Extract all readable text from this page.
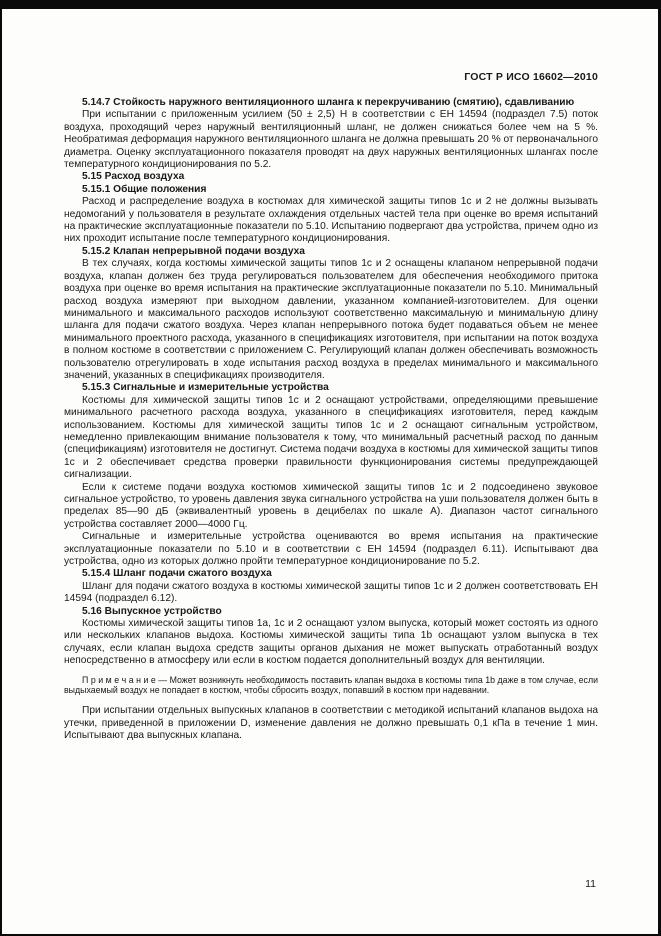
ГОСТ Р ИСО 16602—2010

5.14.7 Стойкость наружного вентиляционного шланга к перекручиванию (смятию), сдавливанию

При испытании с приложенным усилием (50 ± 2,5) Н в соответствии с ЕН 14594 (подраздел 7.5) поток воздуха, проходящий через наружный вентиляционный шланг, не должен снижаться более чем на 5 %. Необратимая деформация наружного вентиляционного шланга не должна превышать 20 % от первоначального диаметра. Оценку эксплуатационного показателя проводят на двух наружных вентиляционных шлангах после температурного кондиционирования по 5.2.

5.15 Расход воздуха

5.15.1 Общие положения

Расход и распределение воздуха в костюмах для химической защиты типов 1с и 2 не должны вызывать недомоганий у пользователя в результате охлаждения отдельных частей тела при оценке во время испытаний на практические эксплуатационные показатели по 5.10. Испытанию подвергают два устройства, причем одно из них проходит испытание после температурного кондиционирования.

5.15.2 Клапан непрерывной подачи воздуха

В тех случаях, когда костюмы химической защиты типов 1с и 2 оснащены клапаном непрерывной подачи воздуха, клапан должен без труда регулироваться пользователем для обеспечения необходимого притока воздуха при оценке во время испытания на практические эксплуатационные показатели по 5.10. Минимальный расход воздуха измеряют при выходном давлении, указанном компанией-изготовителем. Для оценки минимального и максимального расходов используют соответственно максимальную и минимальную длину шланга для подачи сжатого воздуха. Через клапан непрерывного потока будет подаваться объем не менее минимального проектного расхода, указанного в спецификациях изготовителя, при испытании на поток воздуха в полном костюме в соответствии с приложением С. Регулирующий клапан должен обеспечивать возможность пользователю отрегулировать в ходе испытания расход воздуха в пределах минимального и максимального значений, указанных в спецификациях производителя.

5.15.3 Сигнальные и измерительные устройства

Костюмы для химической защиты типов 1с и 2 оснащают устройствами, определяющими превышение минимального расчетного расхода воздуха, указанного в спецификациях изготовителя, перед каждым использованием. Костюмы для химической защиты типов 1с и 2 оснащают сигнальным устройством, немедленно привлекающим внимание пользователя к тому, что минимальный расчетный расход по данным (спецификациям) изготовителя не достигнут. Система подачи воздуха в костюмы для химической защиты типов 1с и 2 обеспечивает средства проверки правильности функционирования системы предупреждающей сигнализации.

Если к системе подачи воздуха костюмов химической защиты типов 1с и 2 подсоединено звуковое сигнальное устройство, то уровень давления звука сигнального устройства на уши пользователя должен быть в пределах 85—90 дБ (эквивалентный уровень в децибелах по шкале А). Диапазон частот сигнального устройства составляет 2000—4000 Гц.

Сигнальные и измерительные устройства оцениваются во время испытания на практические эксплуатационные показатели по 5.10 и в соответствии с ЕН 14594 (подраздел 6.11). Испытывают два устройства, одно из которых должно пройти температурное кондиционирование по 5.2.

5.15.4 Шланг подачи сжатого воздуха

Шланг для подачи сжатого воздуха в костюмы химической защиты типов 1с и 2 должен соответствовать ЕН 14594 (подраздел 6.12).

5.16 Выпускное устройство

Костюмы химической защиты типов 1а, 1с и 2 оснащают узлом выпуска, который может состоять из одного или нескольких клапанов выдоха. Костюмы химической защиты типа 1b оснащают узлом выпуска в тех случаях, если клапан выдоха средств защиты органов дыхания не может выпускать отработанный воздух непосредственно в атмосферу или если в костюм подается дополнительный воздух для вентиляции.

П р и м е ч а н и е — Может возникнуть необходимость поставить клапан выдоха в костюмы типа 1b даже в том случае, если выдыхаемый воздух не попадает в костюм, чтобы сбросить воздух, попавший в костюм при надевании.

При испытании отдельных выпускных клапанов в соответствии с методикой испытаний клапанов выдоха на утечки, приведенной в приложении D, изменение давления не должно превышать 0,1 кПа в течение 1 мин. Испытывают два выпускных клапана.

11
